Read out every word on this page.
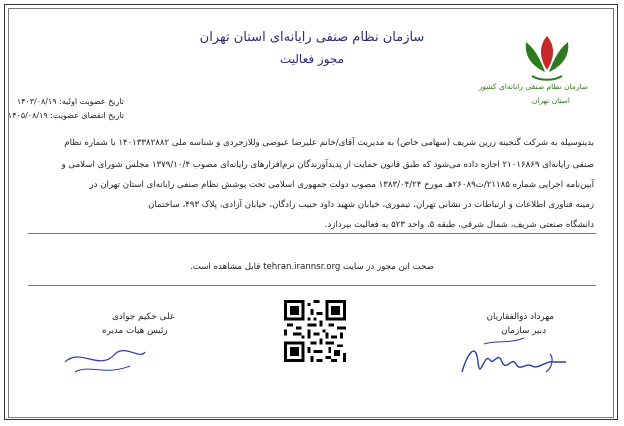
سازمان نظام صنفی رایانه‌ای کشور
استان تهران
سازمان نظام صنفی رایانه‌ای استان تهران
مجوز فعالیت
تاریخ عضویت اولیه: ۱۴۰۳/۰۸/۱۹
تاریخ انقضای عضویت: ۱۴۰۵/۰۸/۱۹
بدینوسیله به شرکت گنجینه زرین شریف (سهامی خاص) به مدیریت آقای/خانم علیرضا عیوضی وللازجردی و شناسه ملی ۱۴۰۱۳۳۸۲۸۸۲ با شماره نظام
صنفی رایانه‌ای ۲۱۰۱۶۸۶۹ اجازه داده می‌شود که طبق قانون حمایت از پدیدآورندگان نرم‌افزارهای رایانه‌ای مصوب ۱۳۷۹/۱۰/۴ مجلس شورای اسلامی و
آیین‌نامه اجرایی شماره ۲۱۱۸۵/ت۲۶۰۸۹هـ مورخ ۱۳۸۳/۰۴/۲۴ مصوب دولت جمهوری اسلامی تحت پوشش نظام صنفی رایانه‌ای استان تهران در
زمینه فناوری اطلاعات و ارتباطات در نشانی تهران، تیموری، خیابان شهید داود حبیب زادگان، خیابان آزادی، پلاک ۴۹۳، ساختمان
دانشگاه صنعتی شریف، شمال شرقی، طبقه ۵، واحد ۵۲۳ به فعالیت بپردازد.
صحت این مجوز در سایت tehran.irannsr.org قابل مشاهده است.
علی حکیم جوادی
رئیس هیات مدیره
مهرداد ذوالفقاریان
دبیر سازمان
